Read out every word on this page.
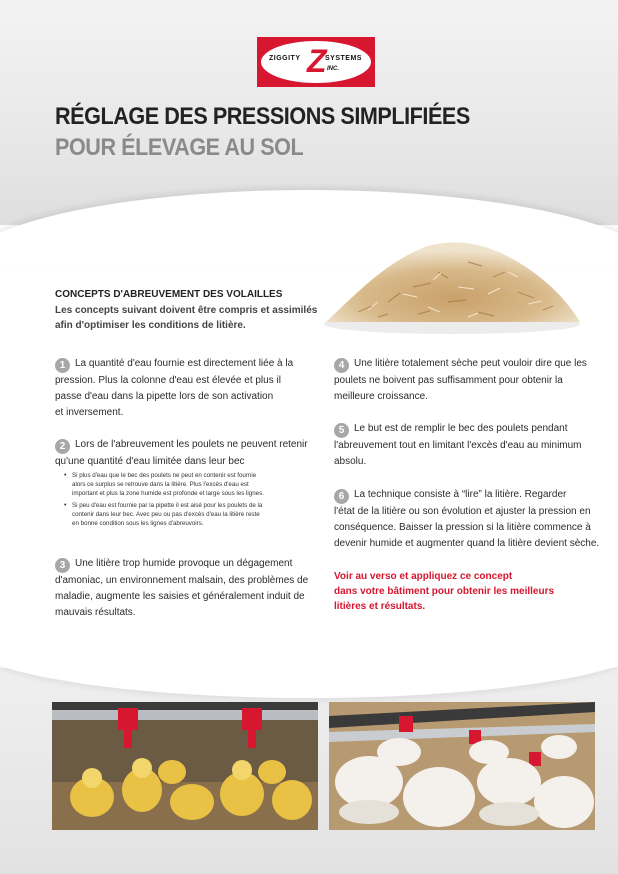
ZIGGITY Z
SYSTEMS
INC.
RÉGLAGE DES PRESSIONS SIMPLIFIÉES
POUR ÉLEVAGE AU SOL
CONCEPTS D'ABREUVEMENT DES VOLAILLES
Les concepts suivant doivent être compris et assimilés afin d'optimiser les conditions de litière.
1 La quantité d'eau fournie est directement liée à la
pression. Plus la colonne d'eau est élevée et plus il
passe d'eau dans la pipette lors de son activation
et inversement.
2 Lors de l'abreuvement les poulets ne peuvent retenir
qu'une quantité d'eau limitée dans leur bec
• Si plus d'eau que le bec des poulets ne peut en contenir est fournie
alors ce surplus se retrouve dans la litière. Plus l'excès d'eau est
important et plus la zone humide est profonde et large sous les lignes.
• Si peu d'eau est fournie par la pipette il est aisé pour les poulets de la
contenir dans leur bec. Avec peu ou pas d'excès d'eau la litière reste
en bonne condition sous les lignes d'abreuvoirs.
3 Une litière trop humide provoque un dégagement
d'amoniac, un environnement malsain, des problèmes de
maladie, augmente les saisies et généralement induit de
mauvais résultats.
4 Une litière totalement sèche peut vouloir dire que les
poulets ne boivent pas suffisamment pour obtenir la
meilleure croissance.
5 Le but est de remplir le bec des poulets pendant
l'abreuvement tout en limitant l'excès d'eau au minimum
absolu.
6 La technique consiste à “lire” la litière. Regarder
l'état de la litière ou son évolution et ajuster la pression en
conséquence. Baisser la pression si la litière commence à
devenir humide et augmenter quand la litière devient sèche.
Voir au verso et appliquez ce concept
dans votre bâtiment pour obtenir les meilleurs
litières et résultats.
